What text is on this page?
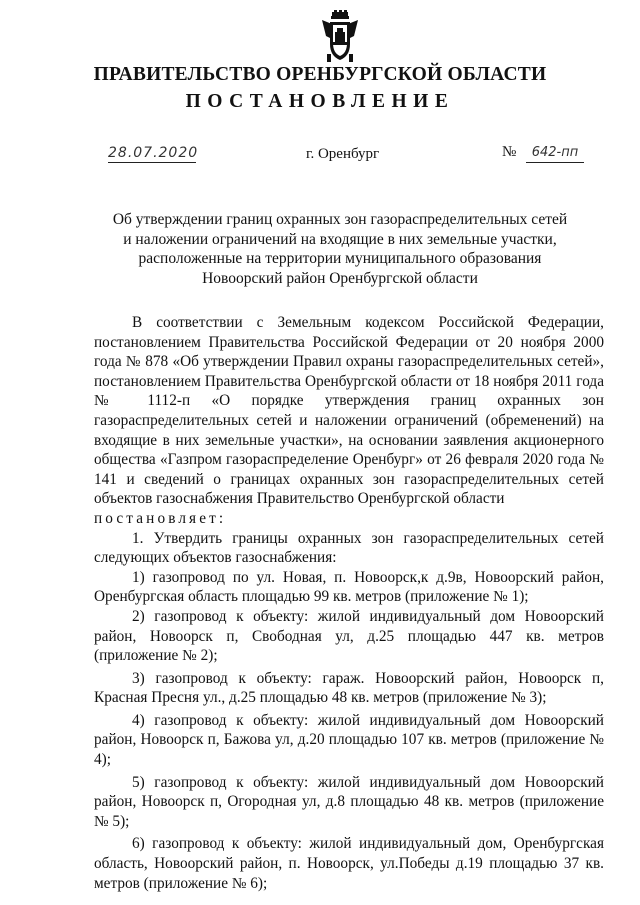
ПРАВИТЕЛЬСТВО ОРЕНБУРГСКОЙ ОБЛАСТИ
ПОСТАНОВЛЕНИЕ
28.07.2020	г. Оренбург	№	642-пп
Об утверждении границ охранных зон газораспределительных сетей
и наложении ограничений на входящие в них земельные участки,
расположенные на территории муниципального образования
Новоорский район Оренбургской области

В соответствии с Земельным кодексом Российской Федерации, постановлением Правительства Российской Федерации от 20 ноября 2000 года № 878 «Об утверждении Правил охраны газораспределительных сетей», постановлением Правительства Оренбургской области от 18 ноября 2011 года № 1112-п «О порядке утверждения границ охранных зон газораспределительных сетей и наложении ограничений (обременений) на входящие в них земельные участки», на основании заявления акционерного общества «Газпром газораспределение Оренбург» от 26 февраля 2020 года № 141 и сведений о границах охранных зон газораспределительных сетей объектов газоснабжения Правительство Оренбургской области

постановляет:

1. Утвердить границы охранных зон газораспределительных сетей следующих объектов газоснабжения:

1) газопровод по ул. Новая, п. Новоорск,к д.9в, Новоорский район, Оренбургская область площадью 99 кв. метров (приложение № 1);

2) газопровод к объекту: жилой индивидуальный дом Новоорский район, Новоорск п, Свободная ул, д.25 площадью 447 кв. метров (приложение № 2);

3) газопровод к объекту: гараж. Новоорский район, Новоорск п, Красная Пресня ул., д.25 площадью 48 кв. метров (приложение № 3);

4) газопровод к объекту: жилой индивидуальный дом Новоорский район, Новоорск п, Бажова ул, д.20 площадью 107 кв. метров (приложение № 4);

5) газопровод к объекту: жилой индивидуальный дом Новоорский район, Новоорск п, Огородная ул, д.8 площадью 48 кв. метров (приложение № 5);

6) газопровод к объекту: жилой индивидуальный дом, Оренбургская область, Новоорский район, п. Новоорск, ул.Победы д.19 площадью 37 кв. метров (приложение № 6);
